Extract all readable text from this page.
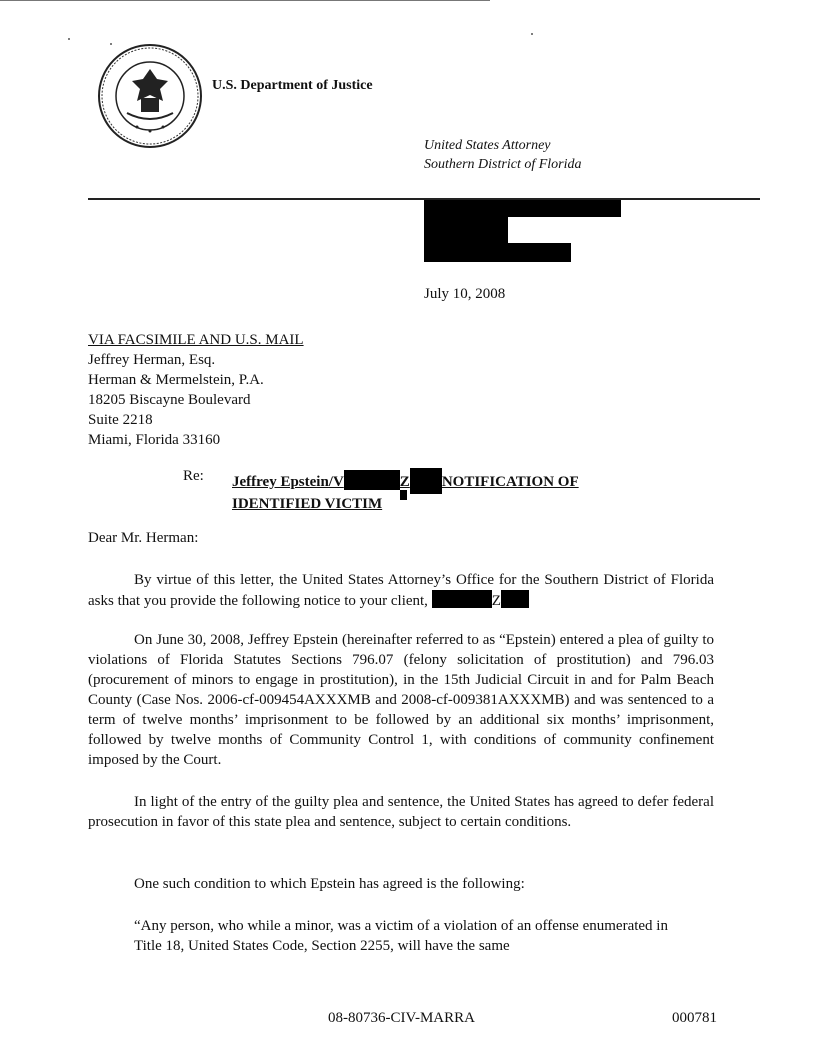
U.S. Department of Justice
United States Attorney
Southern District of Florida
July 10, 2008
VIA FACSIMILE AND U.S. MAIL
Jeffrey Herman, Esq.
Herman & Mermelstein, P.A.
18205 Biscayne Boulevard
Suite 2218
Miami, Florida 33160
Re: Jeffrey Epstein/V	Z NOTIFICATION OF
IDENTIFIED VICTIM
Dear Mr. Herman:

By virtue of this letter, the United States Attorney’s Office for the Southern District of Florida asks that you provide the following notice to your client,	Z

On June 30, 2008, Jeffrey Epstein (hereinafter referred to as “Epstein) entered a plea of guilty to violations of Florida Statutes Sections 796.07 (felony solicitation of prostitution) and 796.03 (procurement of minors to engage in prostitution), in the 15th Judicial Circuit in and for Palm Beach County (Case Nos. 2006-cf-009454AXXXMB and 2008-cf-009381AXXXMB) and was sentenced to a term of twelve months’ imprisonment to be followed by an additional six months’ imprisonment, followed by twelve months of Community Control 1, with conditions of community confinement imposed by the Court.

In light of the entry of the guilty plea and sentence, the United States has agreed to defer federal prosecution in favor of this state plea and sentence, subject to certain conditions.

One such condition to which Epstein has agreed is the following:

“Any person, who while a minor, was a victim of a violation of an offense enumerated in Title 18, United States Code, Section 2255, will have the same
08-80736-CIV-MARRA	000781
